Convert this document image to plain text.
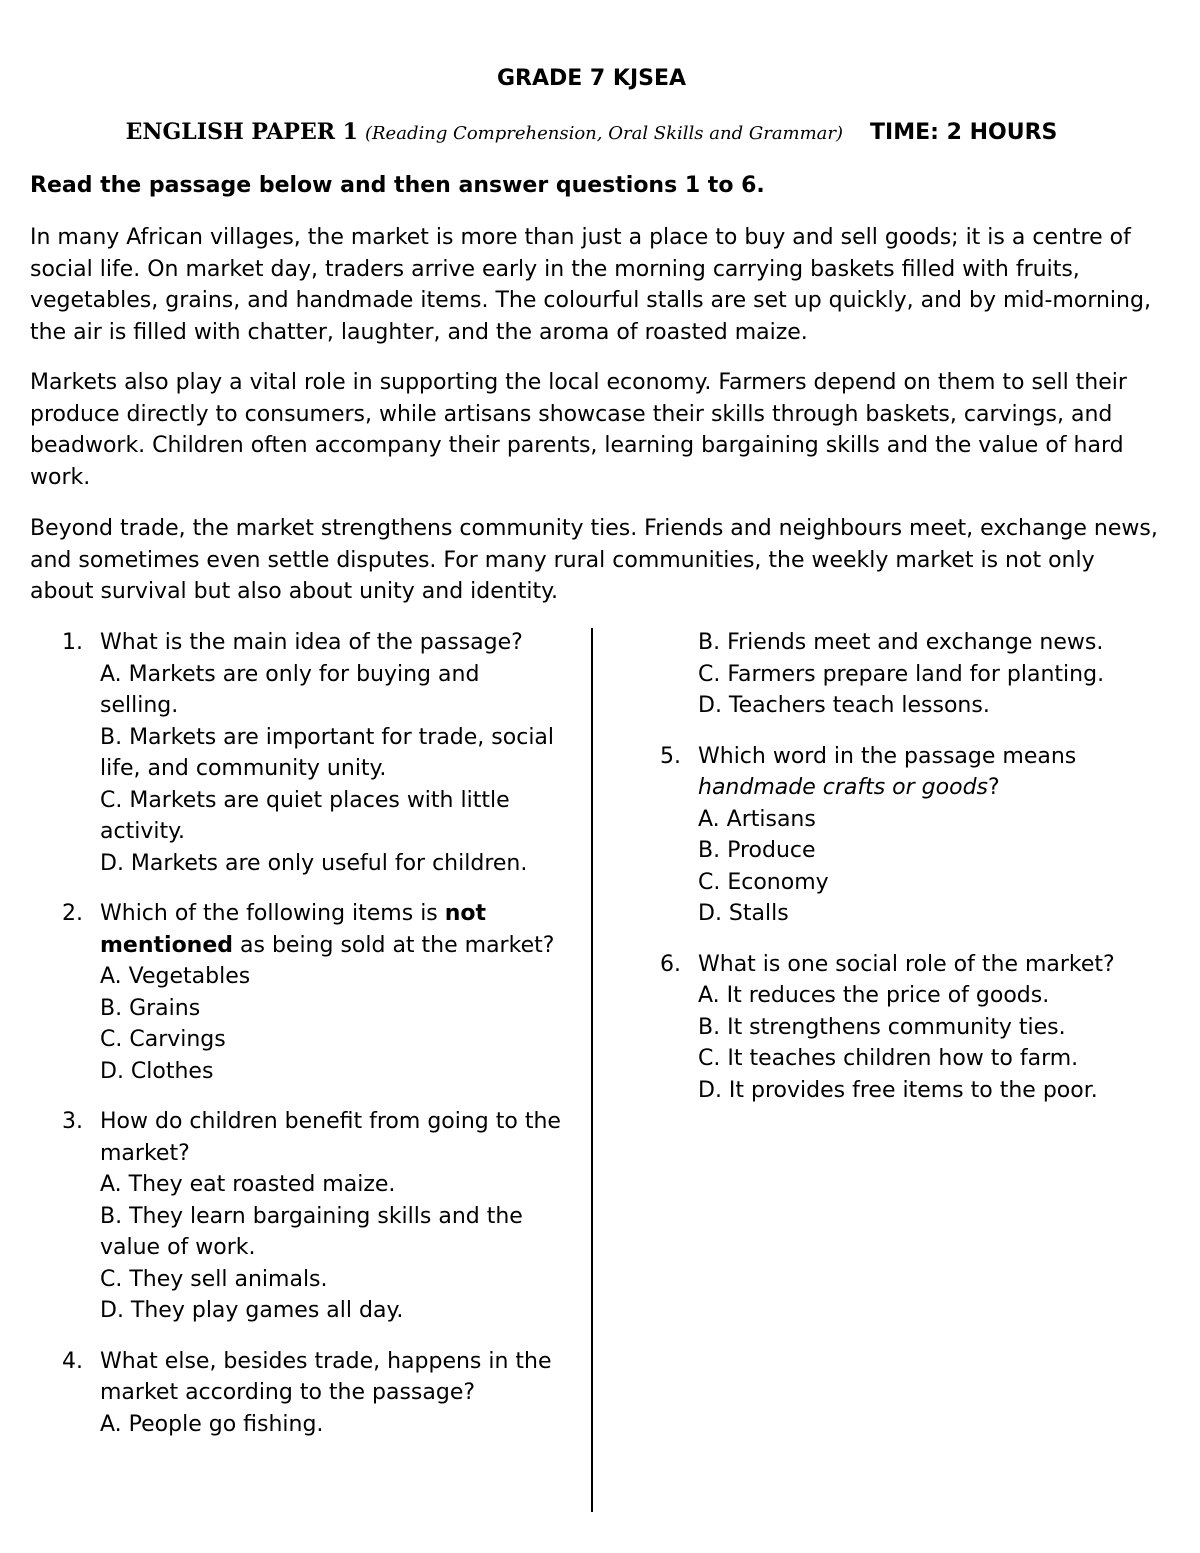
GRADE 7 KJSEA
ENGLISH PAPER 1 (Reading Comprehension, Oral Skills and Grammar) TIME: 2 HOURS
Read the passage below and then answer questions 1 to 6.

In many African villages, the market is more than just a place to buy and sell goods; it is a centre of social life. On market day, traders arrive early in the morning carrying baskets filled with fruits, vegetables, grains, and handmade items. The colourful stalls are set up quickly, and by mid-morning, the air is filled with chatter, laughter, and the aroma of roasted maize.

Markets also play a vital role in supporting the local economy. Farmers depend on them to sell their produce directly to consumers, while artisans showcase their skills through baskets, carvings, and beadwork. Children often accompany their parents, learning bargaining skills and the value of hard work.

Beyond trade, the market strengthens community ties. Friends and neighbours meet, exchange news, and sometimes even settle disputes. For many rural communities, the weekly market is not only about survival but also about unity and identity.

1. What is the main idea of the passage?
A. Markets are only for buying and selling.
B. Markets are important for trade, social life, and community unity.
C. Markets are quiet places with little activity.
D. Markets are only useful for children.
2. Which of the following items is not mentioned as being sold at the market?
A. Vegetables
B. Grains
C. Carvings
D. Clothes
3. How do children benefit from going to the market?
A. They eat roasted maize.
B. They learn bargaining skills and the value of work.
C. They sell animals.
D. They play games all day.
4. What else, besides trade, happens in the market according to the passage?
A. People go fishing.
B. Friends meet and exchange news.
C. Farmers prepare land for planting.
D. Teachers teach lessons.
5. Which word in the passage means handmade crafts or goods?
A. Artisans
B. Produce
C. Economy
D. Stalls
6. What is one social role of the market?
A. It reduces the price of goods.
B. It strengthens community ties.
C. It teaches children how to farm.
D. It provides free items to the poor.
